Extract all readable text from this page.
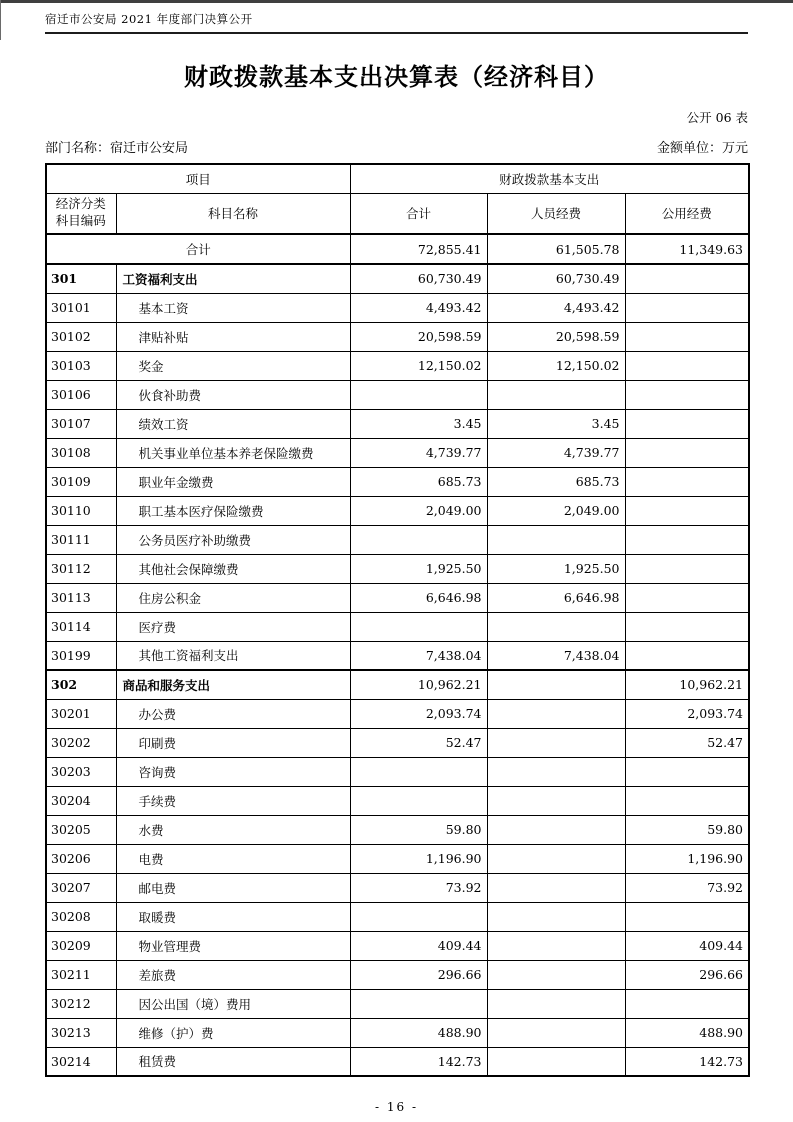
宿迁市公安局 2021 年度部门决算公开
财政拨款基本支出决算表（经济科目）
公开 06 表
部门名称：宿迁市公安局	金额单位：万元
项目		财政拨款基本支出		
经济分类
科目编码	科目名称	合计	人员经费	公用经费
合计		72,855.41	61,505.78	11,349.63
301	工资福利支出	60,730.49	60,730.49	
30101	基本工资	4,493.42	4,493.42	
30102	津贴补贴	20,598.59	20,598.59	
30103	奖金	12,150.02	12,150.02	
30106	伙食补助费			
30107	绩效工资	3.45	3.45	
30108	机关事业单位基本养老保险缴费	4,739.77	4,739.77	
30109	职业年金缴费	685.73	685.73	
30110	职工基本医疗保险缴费	2,049.00	2,049.00	
30111	公务员医疗补助缴费			
30112	其他社会保障缴费	1,925.50	1,925.50	
30113	住房公积金	6,646.98	6,646.98	
30114	医疗费			
30199	其他工资福利支出	7,438.04	7,438.04	
302	商品和服务支出	10,962.21		10,962.21
30201	办公费	2,093.74		2,093.74
30202	印刷费	52.47		52.47
30203	咨询费			
30204	手续费			
30205	水费	59.80		59.80
30206	电费	1,196.90		1,196.90
30207	邮电费	73.92		73.92
30208	取暖费			
30209	物业管理费	409.44		409.44
30211	差旅费	296.66		296.66
30212	因公出国（境）费用			
30213	维修（护）费	488.90		488.90
30214	租赁费	142.73		142.73
- 16 -
